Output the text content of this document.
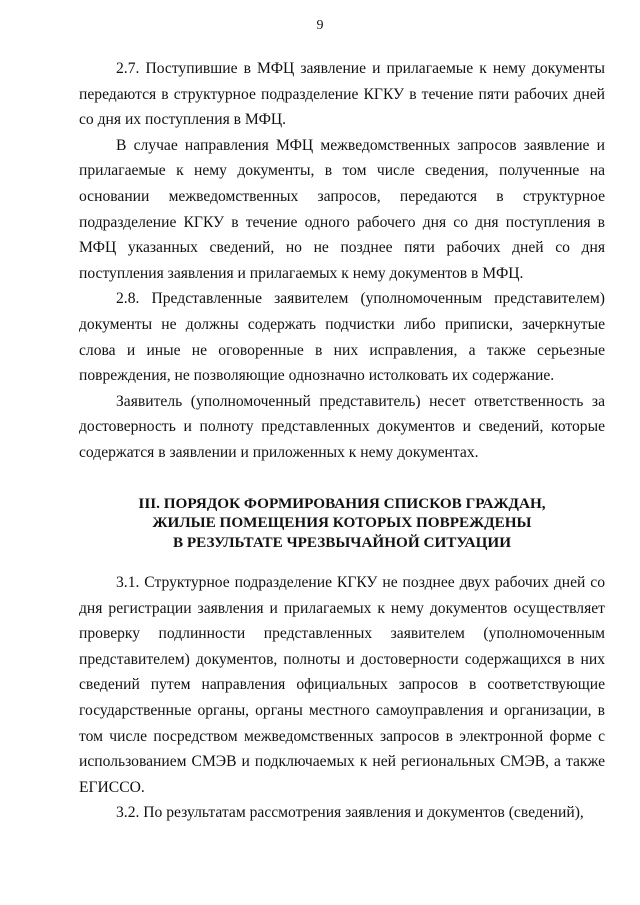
9

2.7. Поступившие в МФЦ заявление и прилагаемые к нему документы передаются в структурное подразделение КГКУ в течение пяти рабочих дней со дня их поступления в МФЦ.

В случае направления МФЦ межведомственных запросов заявление и прилагаемые к нему документы, в том числе сведения, полученные на основании межведомственных запросов, передаются в структурное подразделение КГКУ в течение одного рабочего дня со дня поступления в МФЦ указанных сведений, но не позднее пяти рабочих дней со дня поступления заявления и прилагаемых к нему документов в МФЦ.

2.8. Представленные заявителем (уполномоченным представителем) документы не должны содержать подчистки либо приписки, зачеркнутые слова и иные не оговоренные в них исправления, а также серьезные повреждения, не позволяющие однозначно истолковать их содержание.

Заявитель (уполномоченный представитель) несет ответственность за достоверность и полноту представленных документов и сведений, которые содержатся в заявлении и приложенных к нему документах.

III. ПОРЯДОК ФОРМИРОВАНИЯ СПИСКОВ ГРАЖДАН,
ЖИЛЫЕ ПОМЕЩЕНИЯ КОТОРЫХ ПОВРЕЖДЕНЫ
В РЕЗУЛЬТАТЕ ЧРЕЗВЫЧАЙНОЙ СИТУАЦИИ

3.1. Структурное подразделение КГКУ не позднее двух рабочих дней со дня регистрации заявления и прилагаемых к нему документов осуществляет проверку подлинности представленных заявителем (уполномоченным представителем) документов, полноты и достоверности содержащихся в них сведений путем направления официальных запросов в соответствующие государственные органы, органы местного самоуправления и организации, в том числе посредством межведомственных запросов в электронной форме с использованием СМЭВ и подключаемых к ней региональных СМЭВ, а также ЕГИССО.

3.2. По результатам рассмотрения заявления и документов (сведений),
